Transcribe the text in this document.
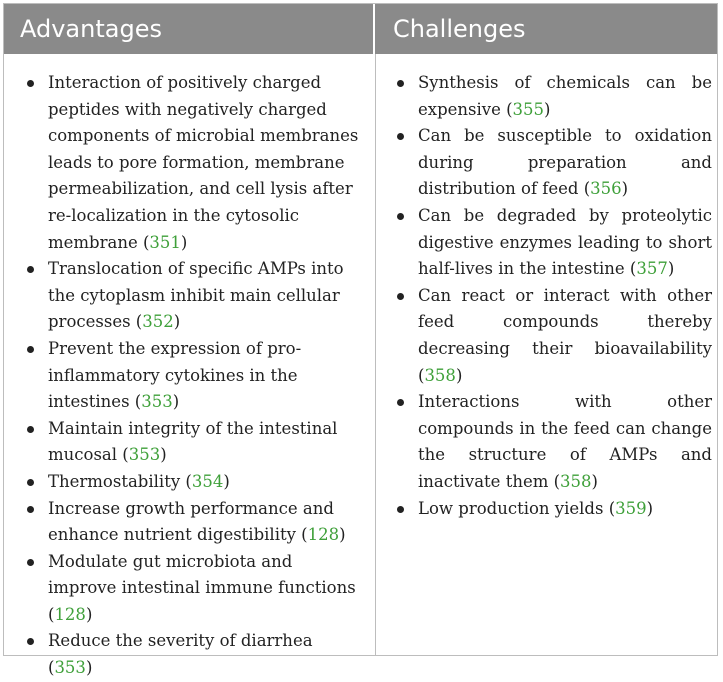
Advantages	Challenges
Interaction of positively charged peptides with negatively charged components of microbial membranes leads to pore formation, membrane permeabilization, and cell lysis after re-localization in the cytosolic membrane (351)
Translocation of specific AMPs into the cytoplasm inhibit main cellular processes (352)
Prevent the expression of pro-inflammatory cytokines in the intestines (353)
Maintain integrity of the intestinal mucosal (353)
Thermostability (354)
Increase growth performance and enhance nutrient digestibility (128)
Modulate gut microbiota and improve intestinal immune functions (128)
Reduce the severity of diarrhea (353)
Synthesis of chemicals can be expensive (355)
Can be susceptible to oxidation during preparation and distribution of feed (356)
Can be degraded by proteolytic digestive enzymes leading to short half-lives in the intestine (357)
Can react or interact with other feed compounds thereby decreasing their bioavailability (358)
Interactions with other compounds in the feed can change the structure of AMPs and inactivate them (358)
Low production yields (359)
